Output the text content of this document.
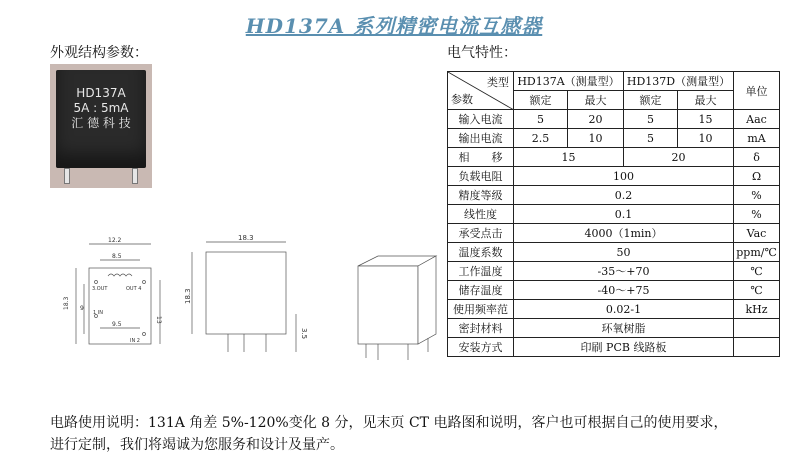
HD137A 系列精密电流互感器
外观结构参数：	电气特性：
HD137A
5A : 5mA
汇 德 科 技
12.2
8.5
18.3 9
13
9.5
3.OUT	OUT 4
1 IN
IN 2
18.3
18.3
3.5
类型
参数	HD137A（测量型）		HD137D（测量型）		单位
	额定	最大	额定	最大	
输入电流	5	20	5	15	Aac
输出电流	2.5	10	5	10	mA
相　　移	15		20		δ
负载电阻	100				Ω
精度等级	0.2				%
线性度	0.1				%
承受点击	4000（1min）				Vac
温度系数	50				ppm/℃
工作温度	-35～+70				℃
储存温度	-40～+75				℃
使用频率范	0.02-1				kHz
密封材料	环氧树脂				
安装方式	印刷 PCB 线路板				
电路使用说明：131A 角差 5%-120%变化 8 分，见末页 CT 电路图和说明，客户也可根据自己的使用要求，
进行定制，我们将竭诚为您服务和设计及量产。
